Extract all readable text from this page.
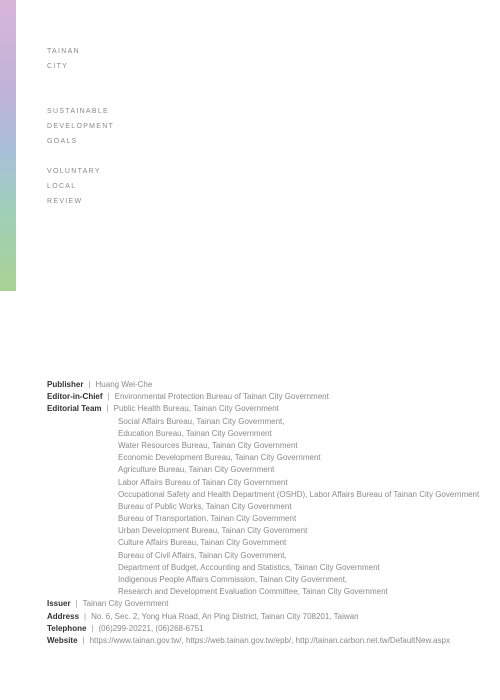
TAINAN
CITY
SUSTAINABLE
DEVELOPMENT
GOALS
VOLUNTARY
LOCAL
REVIEW
Publisher | Huang Wei-Che
Editor-in-Chief | Environmental Protection Bureau of Tainan City Government
Editorial Team | Public Health Bureau, Tainan City Government
Social Affairs Bureau, Tainan City Government,
Education Bureau, Tainan City Government
Water Resources Bureau, Tainan City Government
Economic Development Bureau, Tainan City Government
Agriculture Bureau, Tainan City Government
Labor Affairs Bureau of Tainan City Government
Occupational Safety and Health Department (OSHD), Labor Affairs Bureau of Tainan City Government
Bureau of Public Works, Tainan City Government
Bureau of Transportation, Tainan City Government
Urban Development Bureau, Tainan City Government
Culture Affairs Bureau, Tainan City Government
Bureau of Civil Affairs, Tainan City Government,
Department of Budget, Accounting and Statistics, Tainan City Government
Indigenous People Affairs Commission, Tainan City Government,
Research and Development Evaluation Committee, Tainan City Government
Issuer | Tainan City Government
Address | No. 6, Sec. 2, Yong Hua Road, An Ping District, Tainan City 708201, Taiwan
Telephone | (06)299-20221, (06)268-6751
Website | https://www.tainan.gov.tw/, https://web.tainan.gov.tw/epb/, http://tainan.carbon.net.tw/DefaultNew.aspx
